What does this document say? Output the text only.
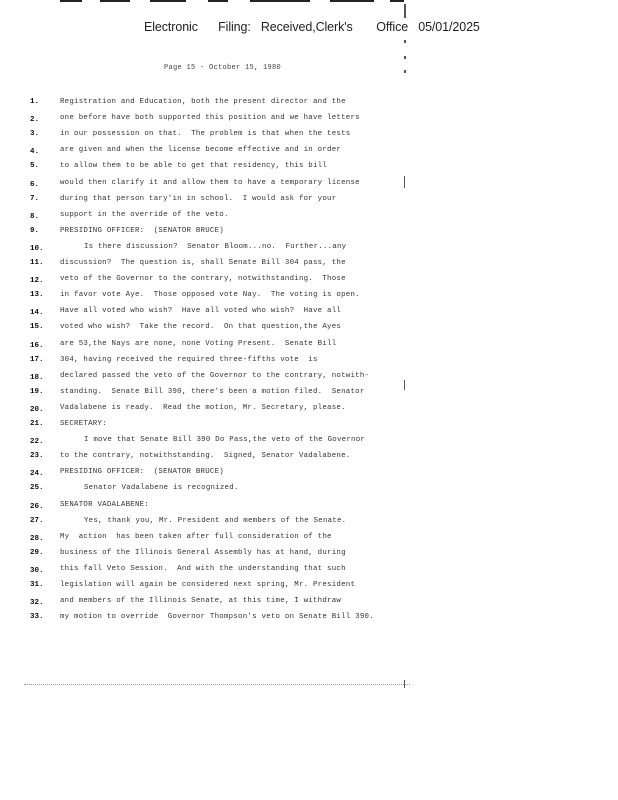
Electronic      Filing:   Received,Clerk's       Office   05/01/2025
Page 15 - October 15, 1980
1.	Registration and Education, both the present director and the
2.	one before have both supported this position and we have letters
3.	in our possession on that.  The problem is that when the tests
4.	are given and when the license become effective and in order
5.	to allow them to be able to get that residency, this bill
6.	would then clarify it and allow them to have a temporary license
7.	during that person tary'in in school.  I would ask for your
8.	support in the override of the veto.
9.	PRESIDING OFFICER:  (SENATOR BRUCE)
10.	Is there discussion?  Senator Bloom...no.  Further...any
11.	discussion?  The question is, shall Senate Bill 304 pass, the
12.	veto of the Governor to the contrary, notwithstanding.  Those
13.	in favor vote Aye.  Those opposed vote Nay.  The voting is open.
14.	Have all voted who wish?  Have all voted who wish?  Have all
15.	voted who wish?  Take the record.  On that question,the Ayes
16.	are 53,the Nays are none, none Voting Present.  Senate Bill
17.	304, having received the required three-fifths vote  is
18.	declared passed the veto of the Governor to the contrary, notwith-
19.	standing.  Senate Bill 390, there's been a motion filed.  Senator
20.	Vadalabene is ready.  Read the motion, Mr. Secretary, please.
21.	SECRETARY:
22.	I move that Senate Bill 390 Do Pass,the veto of the Governor
23.	to the contrary, notwithstanding.  Signed, Senator Vadalabene.
24.	PRESIDING OFFICER:  (SENATOR BRUCE)
25.	Senator Vadalabene is recognized.
26.	SENATOR VADALABENE:
27.	Yes, thank you, Mr. President and members of the Senate.
28.	My  action  has been taken after full consideration of the
29.	business of the Illinois General Assembly has at hand, during
30.	this fall Veto Session.  And with the understanding that such
31.	legislation will again be considered next spring, Mr. President
32.	and members of the Illinois Senate, at this time, I withdraw
33.	my motion to override  Governor Thompson's veto on Senate Bill 390.
